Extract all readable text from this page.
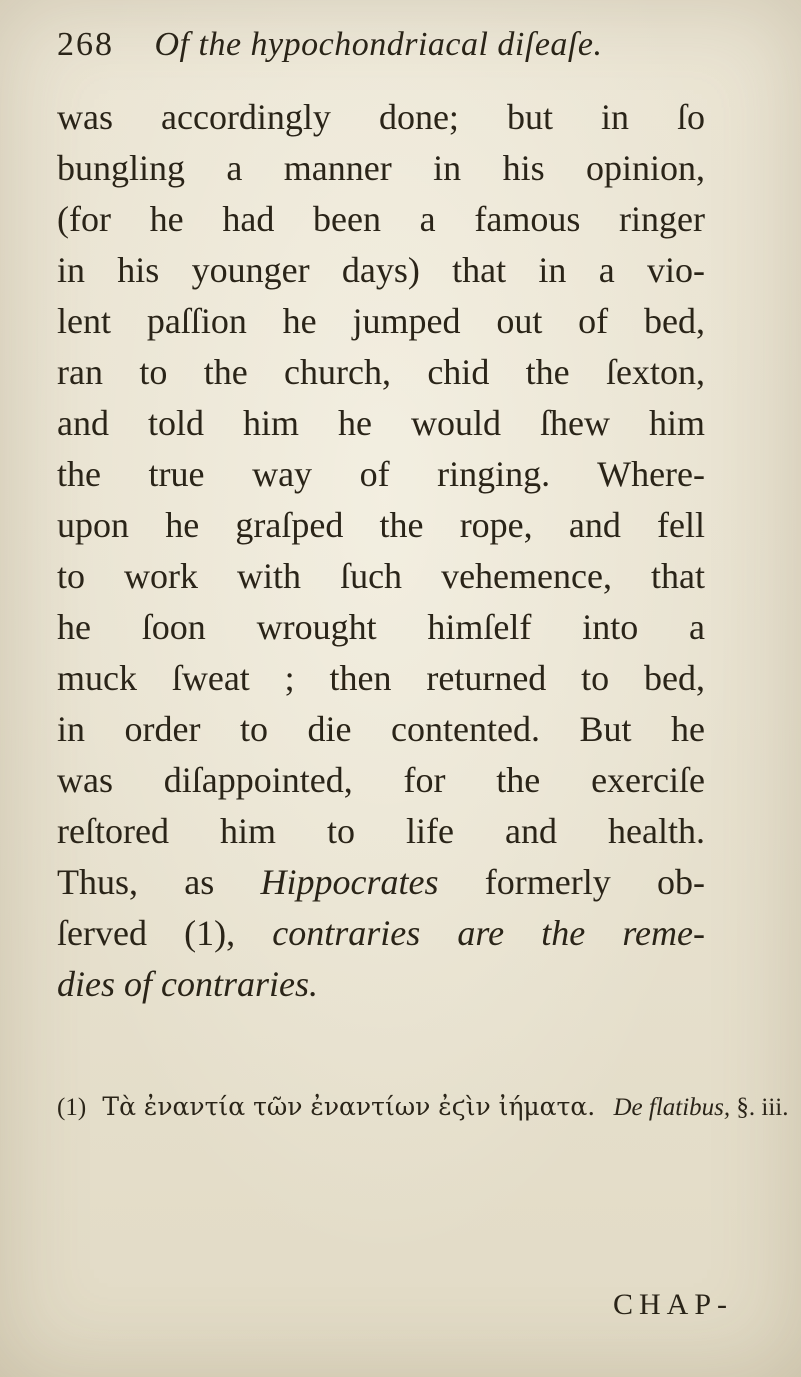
268 Of the hypochondriacal diſeaſe.
was accordingly done; but in ſo
bungling a manner in his opinion,
(for he had been a famous ringer
in his younger days) that in a vio-
lent paſſion he jumped out of bed,
ran to the church, chid the ſexton,
and told him he would ſhew him
the true way of ringing. Where-
upon he graſped the rope, and fell
to work with ſuch vehemence, that
he ſoon wrought himſelf into a
muck ſweat ; then returned to bed,
in order to die contented. But he
was diſappointed, for the exerciſe
reſtored him to life and health.
Thus, as Hippocrates formerly ob-
ſerved (1), contraries are the reme-
dies of contraries.
(1) Τὰ ἐναντία τῶν ἐναντίων ἐϛὶν ἰήματα. De flatibus, §. iii.
CHAP-
